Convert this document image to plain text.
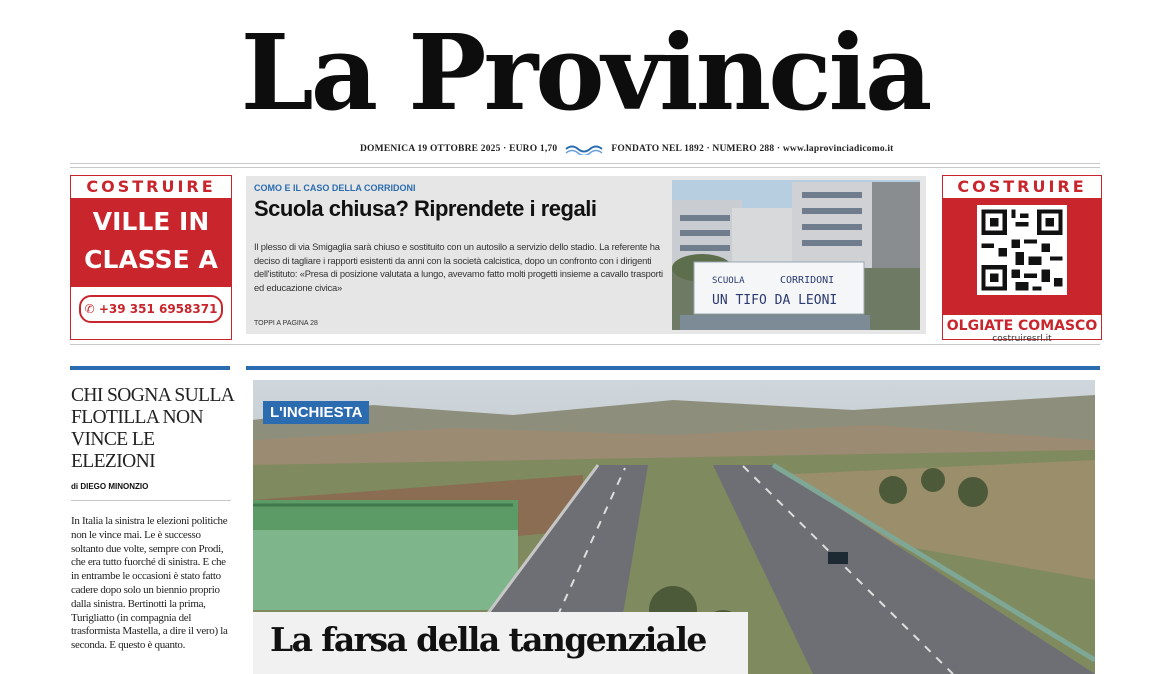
La Provincia
DOMENICA 19 OTTOBRE 2025 · EURO 1,70	FONDATO NEL 1892 · NUMERO 288 · www.laprovinciadicomo.it
COSTRUIRE
VILLE IN
CLASSE A
✆ +39 351 6958371
COMO E IL CASO DELLA CORRIDONI
Scuola chiusa? Riprendete i regali
Il plesso di via Smigaglia sarà chiuso e sostituito con un autosilo a servizio dello stadio. La referente ha deciso di tagliare i rapporti esistenti da anni con la società calcistica, dopo un confronto con i dirigenti dell'istituto: «Presa di posizione valutata a lungo, avevamo fatto molti progetti insieme a cavallo trasporti ed educazione civica»
TOPPI A PAGINA 28
SCUOLA	CORRIDONI
UN TIFO DA LEONI
COSTRUIRE
OLGIATE COMASCO
costruiresrl.it
CHI SOGNA SULLA FLOTILLA NON VINCE LE ELEZIONI
di DIEGO MINONZIO
In Italia la sinistra le elezioni politiche non le vince mai. Le è successo soltanto due volte, sempre con Prodi, che era tutto fuorché di sinistra. E che in entrambe le occasioni è stato fatto cadere dopo solo un biennio proprio dalla sinistra. Bertinotti la prima, Turigliatto (in compagnia del trasformista Mastella, a dire il vero) la seconda. E questo è quanto.
L'INCHIESTA
La farsa della tangenziale
